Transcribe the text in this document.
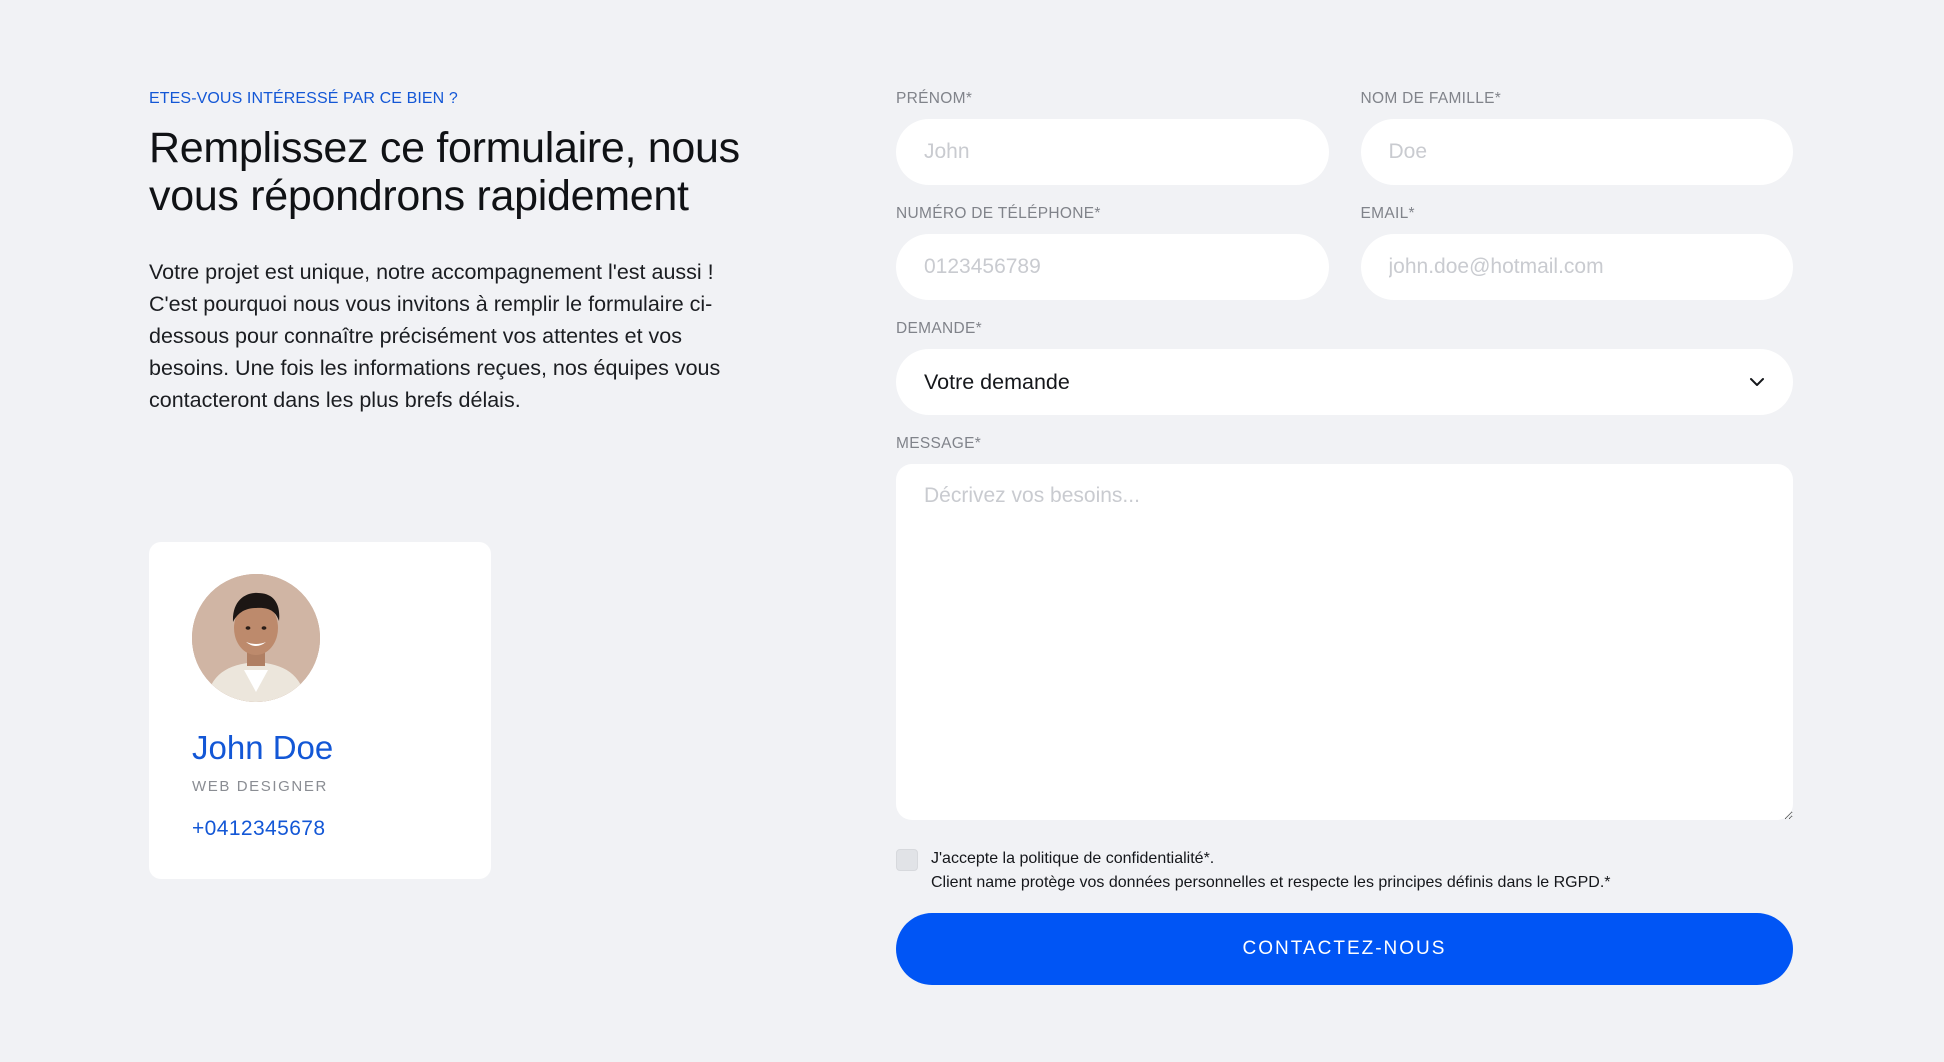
ETES-VOUS INTÉRESSÉ PAR CE BIEN ?

Remplissez ce formulaire, nous vous répondrons rapidement

Votre projet est unique, notre accompagnement l'est aussi ! C'est pourquoi nous vous invitons à remplir le formulaire ci-dessous pour connaître précisément vos attentes et vos besoins. Une fois les informations reçues, nos équipes vous contacteront dans les plus brefs délais.

John Doe

WEB DESIGNER

+0412345678
PRÉNOM*
John	NOM DE FAMILLE*
Doe
NUMÉRO DE TÉLÉPHONE*
0123456789	EMAIL*
john.doe@hotmail.com
DEMANDE*
Votre demande
MESSAGE*
Décrivez vos besoins...
J'accepte la politique de confidentialité*.
Client name protège vos données personnelles et respecte les principes définis dans le RGPD.*
CONTACTEZ-NOUS
